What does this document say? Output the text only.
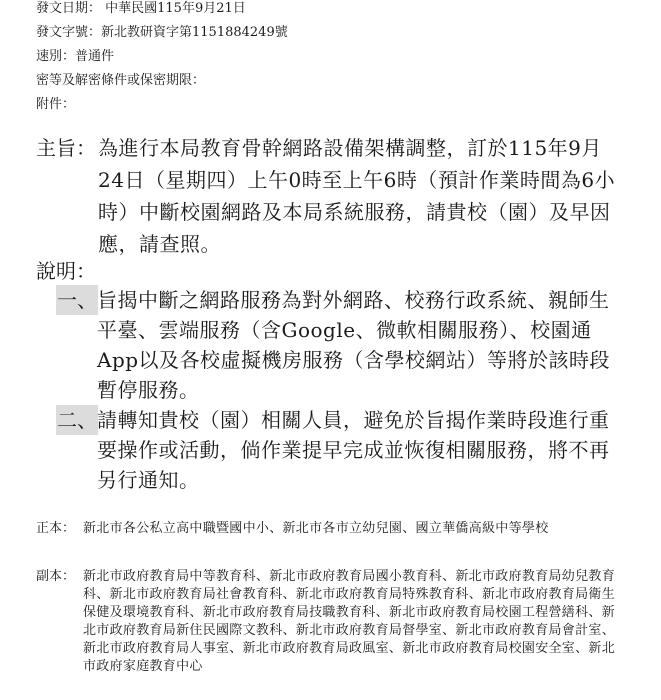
發文日期： 中華民國115年9月21日
發文字號：新北教研資字第1151884249號
速別：普通件
密等及解密條件或保密期限：
附件：
主旨： 為進行本局教育骨幹網路設備架構調整，訂於115年9月24日（星期四）上午0時至上午6時（預計作業時間為6小時）中斷校園網路及本局系統服務，請貴校（園）及早因應，請查照。
說明：
一、 旨揭中斷之網路服務為對外網路、校務行政系統、親師生平臺、雲端服務（含Google、微軟相關服務）、校園通App以及各校虛擬機房服務（含學校網站）等將於該時段暫停服務。
二、 請轉知貴校（園）相關人員，避免於旨揭作業時段進行重要操作或活動，倘作業提早完成並恢復相關服務，將不再另行通知。
正本： 新北市各公私立高中職暨國中小、新北市各市立幼兒園、國立華僑高級中等學校
副本： 新北市政府教育局中等教育科、新北市政府教育局國小教育科、新北市政府教育局幼兒教育科、新北市政府教育局社會教育科、新北市政府教育局特殊教育科、新北市政府教育局衛生保健及環境教育科、新北市政府教育局技職教育科、新北市政府教育局校園工程營繕科、新北市政府教育局新住民國際文教科、新北市政府教育局督學室、新北市政府教育局會計室、新北市政府教育局人事室、新北市政府教育局政風室、新北市政府教育局校園安全室、新北市政府家庭教育中心
